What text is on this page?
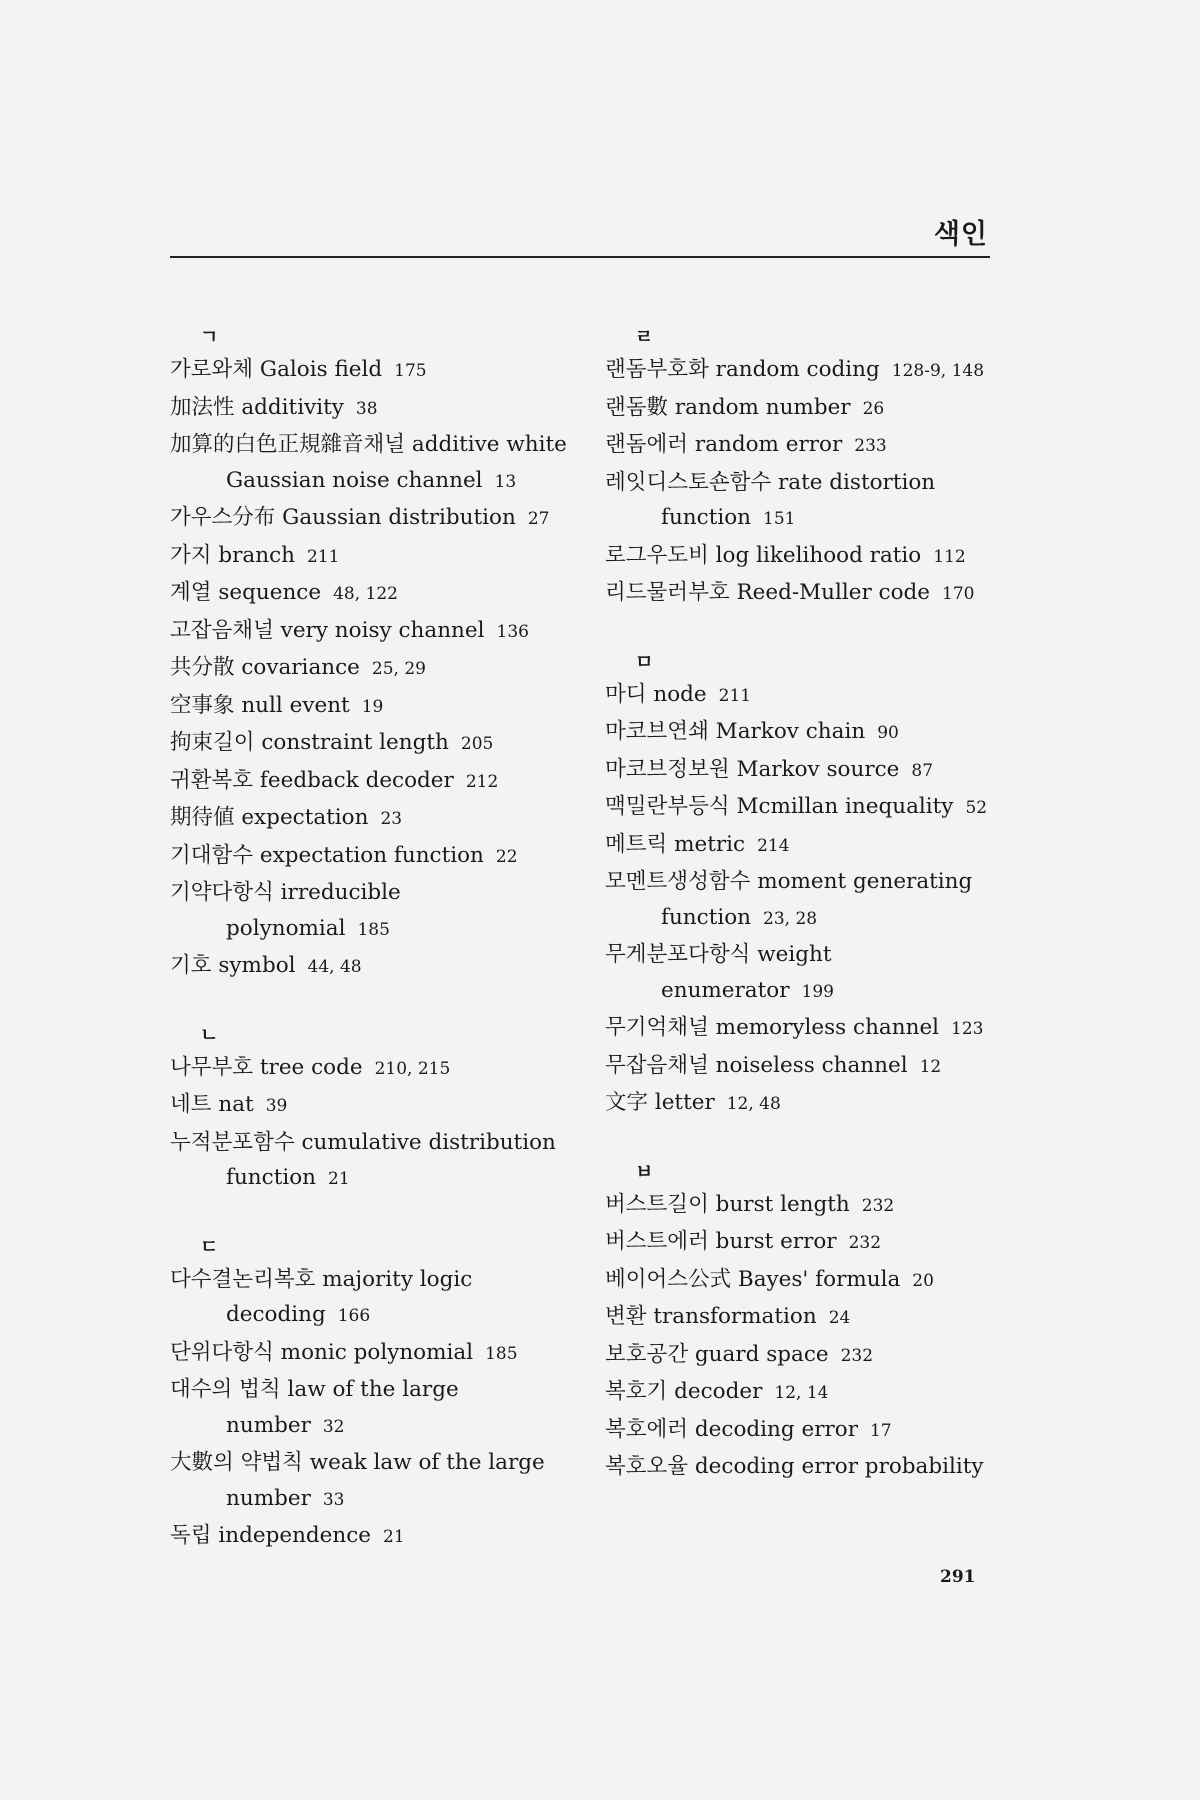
색인
ㄱ
가로와체 Galois field 175
加法性 additivity 38
加算的白色正規雜音채널 additive white Gaussian noise channel 13
가우스分布 Gaussian distribution 27
가지 branch 211
계열 sequence 48, 122
고잡음채널 very noisy channel 136
共分散 covariance 25, 29
空事象 null event 19
拘束길이 constraint length 205
귀환복호 feedback decoder 212
期待値 expectation 23
기대함수 expectation function 22
기약다항식 irreducible polynomial 185
기호 symbol 44, 48
ㄴ
나무부호 tree code 210, 215
네트 nat 39
누적분포함수 cumulative distribution function 21
ㄷ
다수결논리복호 majority logic decoding 166
단위다항식 monic polynomial 185
대수의 법칙 law of the large number 32
大數의 약법칙 weak law of the large number 33
독립 independence 21
ㄹ
랜돔부호화 random coding 128-9, 148
랜돔數 random number 26
랜돔에러 random error 233
레잇디스토숀함수 rate distortion function 151
로그우도비 log likelihood ratio 112
리드물러부호 Reed-Muller code 170
ㅁ
마디 node 211
마코브연쇄 Markov chain 90
마코브정보원 Markov source 87
맥밀란부등식 Mcmillan inequality 52
메트릭 metric 214
모멘트생성함수 moment generating function 23, 28
무게분포다항식 weight enumerator 199
무기억채널 memoryless channel 123
무잡음채널 noiseless channel 12
文字 letter 12, 48
ㅂ
버스트길이 burst length 232
버스트에러 burst error 232
베이어스公式 Bayes' formula 20
변환 transformation 24
보호공간 guard space 232
복호기 decoder 12, 14
복호에러 decoding error 17
복호오율 decoding error probability
291
